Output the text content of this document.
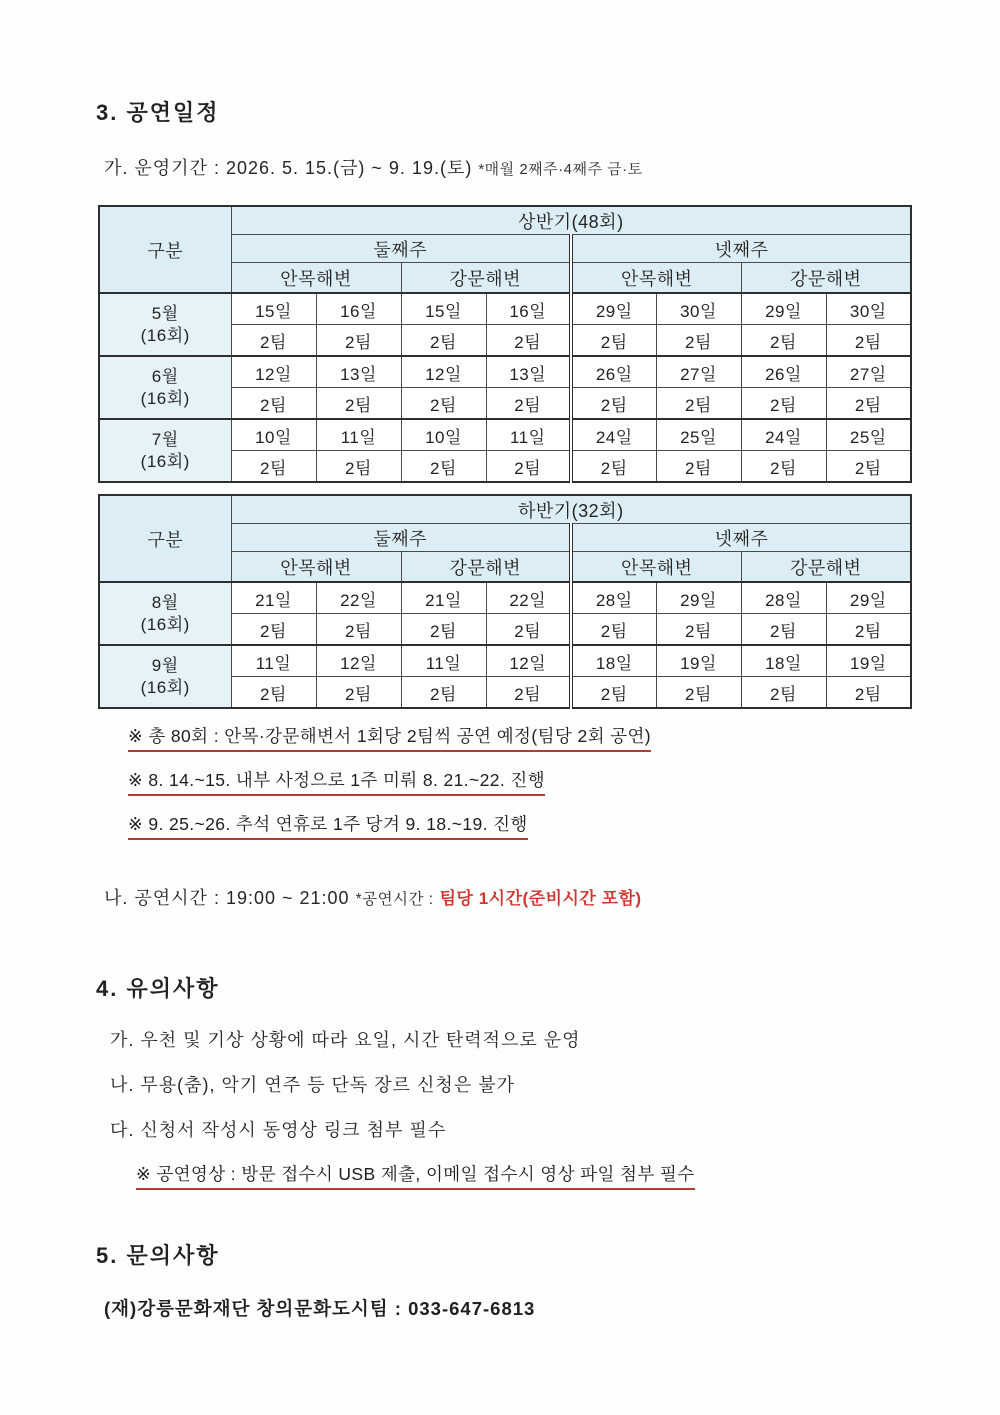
3. 공연일정
가. 운영기간 : 2026. 5. 15.(금) ~ 9. 19.(토) *매월 2째주·4째주 금·토
구분	상반기(48회)							
	둘째주				넷째주			
	안목해변		강문해변		안목해변		강문해변	

5월
(16회)	15일	16일	15일	16일	29일	30일	29일	30일
	2팀	2팀	2팀	2팀	2팀	2팀	2팀	2팀

6월
(16회)	12일	13일	12일	13일	26일	27일	26일	27일
	2팀	2팀	2팀	2팀	2팀	2팀	2팀	2팀

7월
(16회)	10일	11일	10일	11일	24일	25일	24일	25일
	2팀	2팀	2팀	2팀	2팀	2팀	2팀	2팀
구분	하반기(32회)							
	둘째주				넷째주			
	안목해변		강문해변		안목해변		강문해변	

8월
(16회)	21일	22일	21일	22일	28일	29일	28일	29일
	2팀	2팀	2팀	2팀	2팀	2팀	2팀	2팀

9월
(16회)	11일	12일	11일	12일	18일	19일	18일	19일
	2팀	2팀	2팀	2팀	2팀	2팀	2팀	2팀
※ 총 80회 : 안목·강문해변서 1회당 2팀씩 공연 예정(팀당 2회 공연)
※ 8. 14.~15. 내부 사정으로 1주 미뤄 8. 21.~22. 진행
※ 9. 25.~26. 추석 연휴로 1주 당겨 9. 18.~19. 진행
나. 공연시간 : 19:00 ~ 21:00 *공연시간 : 팀당 1시간(준비시간 포함)
4. 유의사항
가. 우천 및 기상 상황에 따라 요일, 시간 탄력적으로 운영
나. 무용(춤), 악기 연주 등 단독 장르 신청은 불가
다. 신청서 작성시 동영상 링크 첨부 필수
※ 공연영상 : 방문 접수시 USB 제출, 이메일 접수시 영상 파일 첨부 필수
5. 문의사항
(재)강릉문화재단 창의문화도시팀 : 033-647-6813
